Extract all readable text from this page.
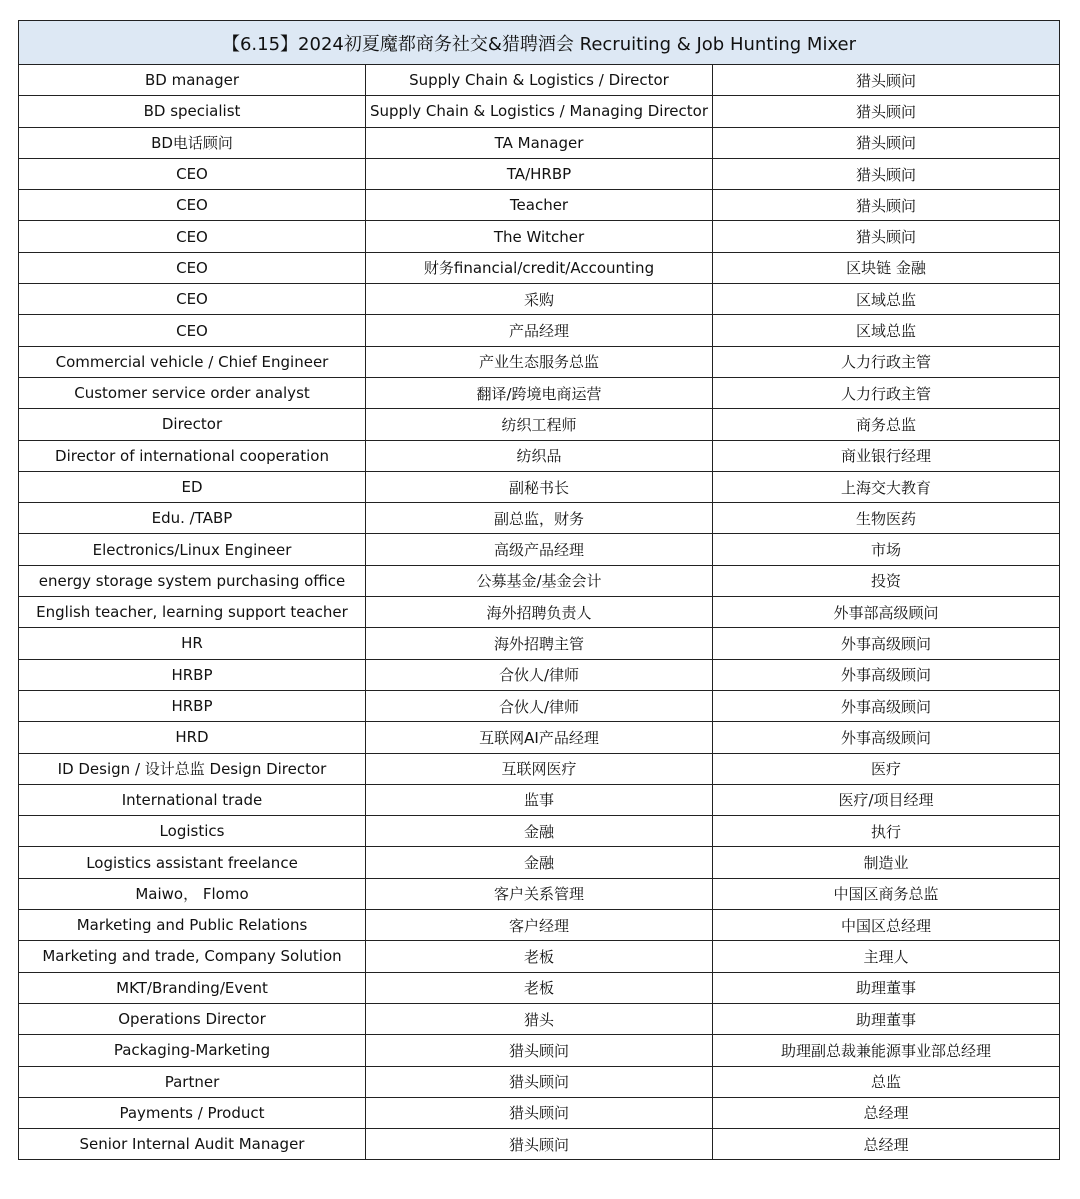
【6.15】2024初夏魔都商务社交&猎聘酒会 Recruiting & Job Hunting Mixer		
BD manager	Supply Chain & Logistics / Director	猎头顾问
BD specialist	Supply Chain & Logistics / Managing Director	猎头顾问
BD电话顾问	TA Manager	猎头顾问
CEO	TA/HRBP	猎头顾问
CEO	Teacher	猎头顾问
CEO	The Witcher	猎头顾问
CEO	财务financial/credit/Accounting	区块链 金融
CEO	采购	区域总监
CEO	产品经理	区域总监
Commercial vehicle / Chief Engineer	产业生态服务总监	人力行政主管
Customer service order analyst	翻译/跨境电商运营	人力行政主管
Director	纺织工程师	商务总监
Director of international cooperation	纺织品	商业银行经理
ED	副秘书长	上海交大教育
Edu. /TABP	副总监，财务	生物医药
Electronics/Linux Engineer	高级产品经理	市场
energy storage system purchasing office	公募基金/基金会计	投资
English teacher, learning support teacher	海外招聘负责人	外事部高级顾问
HR	海外招聘主管	外事高级顾问
HRBP	合伙人/律师	外事高级顾问
HRBP	合伙人/律师	外事高级顾问
HRD	互联网AI产品经理	外事高级顾问
ID Design / 设计总监 Design Director	互联网医疗	医疗
International trade	监事	医疗/项目经理
Logistics	金融	执行
Logistics assistant freelance	金融	制造业
Maiwo， Flomo	客户关系管理	中国区商务总监
Marketing and Public Relations	客户经理	中国区总经理
Marketing and trade, Company Solution	老板	主理人
MKT/Branding/Event	老板	助理董事
Operations Director	猎头	助理董事
Packaging-Marketing	猎头顾问	助理副总裁兼能源事业部总经理
Partner	猎头顾问	总监
Payments / Product	猎头顾问	总经理
Senior Internal Audit Manager	猎头顾问	总经理
